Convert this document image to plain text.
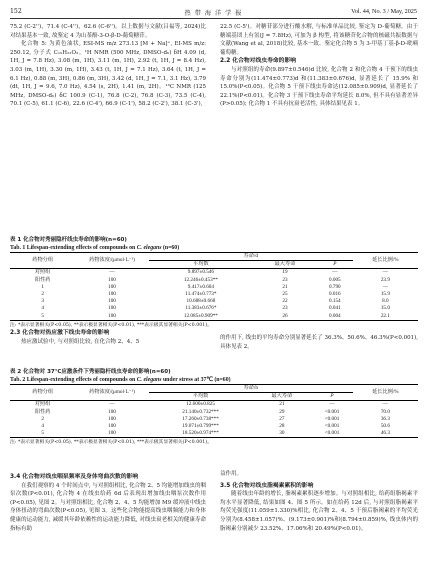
152	热 带 海 洋 学 报	Vol. 44, No. 3 / May, 2025

75.2 (C-2'')，71.4 (C-4'')，62.6 (C-6'')。以上数据与文献(吕福等, 2024)比对结果基本一致, 故鉴定 4 为山茶酚-3-O-β-D-葡萄糖苷。

化合物 5: 为黄色油状, ESI-MS m/z 273.13 [M + Na]⁺, EI-MS m/z: 250.12, 分子式 C₁₅H₂₂O₃。¹H NMR (500 MHz, DMSO-d₆) δH 4.09 (d, 1H, J = 7.8 Hz), 3.08 (m, 1H), 3.11 (m, 1H), 2.92 (t, 1H, J = 8.4 Hz), 3.03 (m, 1H), 3.30 (m, 1H), 3.43 (t, 1H, J = 7.1 Hz), 3.64 (t, 1H, J = 6.1 Hz), 0.88 (m, 3H), 0.86 (m, 3H), 3.42 (d, 1H, J = 7.1, 3.1 Hz), 3.79 (dt, 1H, J = 9.6, 7.0 Hz), 4.54 (s, 2H), 1.41 (m, 2H)。¹³C NMR (125 MHz, DMSO-d₆) δC 100.9 (C-1), 76.8 (C-2), 76.8 (C-3), 73.5 (C-4), 70.1 (C-5), 61.1 (C-6), 22.6 (C-4'), 66.9 (C-1'), 58.2 (C-2'), 38.1 (C-3'),

22.5 (C-5')。对糖苷部分进行酸水解, 与标准单品比较, 鉴定为 D-葡萄糖。由于糖端基团上有氢(J = 7.8Hz), 可加为 β 构型, 将该糖苷化合物的核磁共振数据与文献(Wang et al, 2018)比较, 基本一致。鉴定化合物 5 为 3-甲基丁基-β-D-吡喃葡萄糖。

2.2 化合物对线虫寿命的影响

与对照组的寿命(9.897±0.546)d 比较, 化合物 2 和化合物 4 干预下的线虫寿命分别为(11.474±0.773)d 和(11.383±0.676)d, 显著延长了 15.9% 和 15.0%(P<0.05)。化合物 5 干预下线虫寿命达(12.085±0.909)d, 显著延长了 22.1%(P<0.01)。化合物 3 干预下线虫寿命平均延长 8.0%, 但不具有显著差异(P>0.05); 化合物 1 不具有抗衰老活性, 具体结果见表 1。

表 1 化合物对秀丽隐杆线虫寿命的影响(n=60)
Tab. 1 Lifespan-extending effects of compounds on C. elegans (n=60)
药物分组	药物浓度/(μmol·L⁻¹)	寿命/d			延长比例/%
		平均数	最大寿命	P	
对照组	—	9.897±0.546	19	—	—
阳性药	100	12.246±0.453**	23	0.005	23.9
1	100	9.417±0.604	21	0.790	—
2	100	11.474±0.773*	25	0.016	15.9
3	100	10.688±0.668	22	0.154	8.0
4	100	11.383±0.676*	23	0.041	15.0
5	100	12.085±0.909**	26	0.004	22.1
注: *表示显著相关(P<0.05), **表示极显著相关(P<0.01), ***表示极其显著相关(P<0.001)。

2.3 化合物对热应激下线虫寿命的影响

热应激试验中, 与对照组比较, 在化合物 2、4、5

的作用下, 线虫的平均寿命分别显著延长了 36.3%、50.6%、46.3%(P<0.001), 具体见表 2。

表 2 化合物对 37℃应激条件下秀丽隐杆线虫寿命的影响(n=60)
Tab. 2 Lifespan-extending effects of compounds on C. elegans under stress at 37℃ (n=60)
药物分组	药物浓度/(μmol·L⁻¹)	寿命/h			延长比例/%
		平均数	最大寿命	P	
对照组	—	12.600±0.825	21	—	—
阳性药	100	21.140±0.732***	29	<0.001	70.0
2	100	17.260±0.738***	27	<0.001	36.3
4	100	19.071±0.799***	28	<0.001	50.6
5	100	18.520±0.974***	30	<0.001	46.3
注: *表示显著相关(P<0.05), **表示极显著相关(P<0.01), ***表示极其显著相关(P<0.001)。

3.4 化合物对线虫咽泵频率及身体弯曲次数的影响

在我们观察的 4 个时间点中, 与对照组相比, 化合物 2、5 均能增加线虫的咽泵次数(P<0.01), 化合物 4 在线虫给药 6d 后表现出增加线虫咽泵次数作用(P<0.05), 见图 2。与对照组相比, 化合物 2、4、5 均能增加 M9 缓冲液中线虫身体扭动的弯曲次数(P<0.05), 见图 3。这些化合物能提高线虫咽频能力和身体健康的运动能力, 减缓其年龄依赖性的运动能力降低, 对线虫衰老相关的健康寿命指标有助

益作用。

3.5 化合物对线虫脂褐素累积的影响

随着线虫年龄的增长, 脂褐素累积逐步增加。与对照组相比, 给药组脂褐素平均水平显著降低, 结果如图 4、图 5 所示。如在给药 12d 后, 与对照组脂褐素平均荧光强度(11.059±1.330)%相比, 化合物 2、4、5 干预后脂褐素的平均荧光分别为(8.458±1.057)%、(9.173±0.901)%和(8.794±0.859)%, 线虫体内的脂褐素分别减少 23.52%、17.06%和 20.49%(P<0.01)。
